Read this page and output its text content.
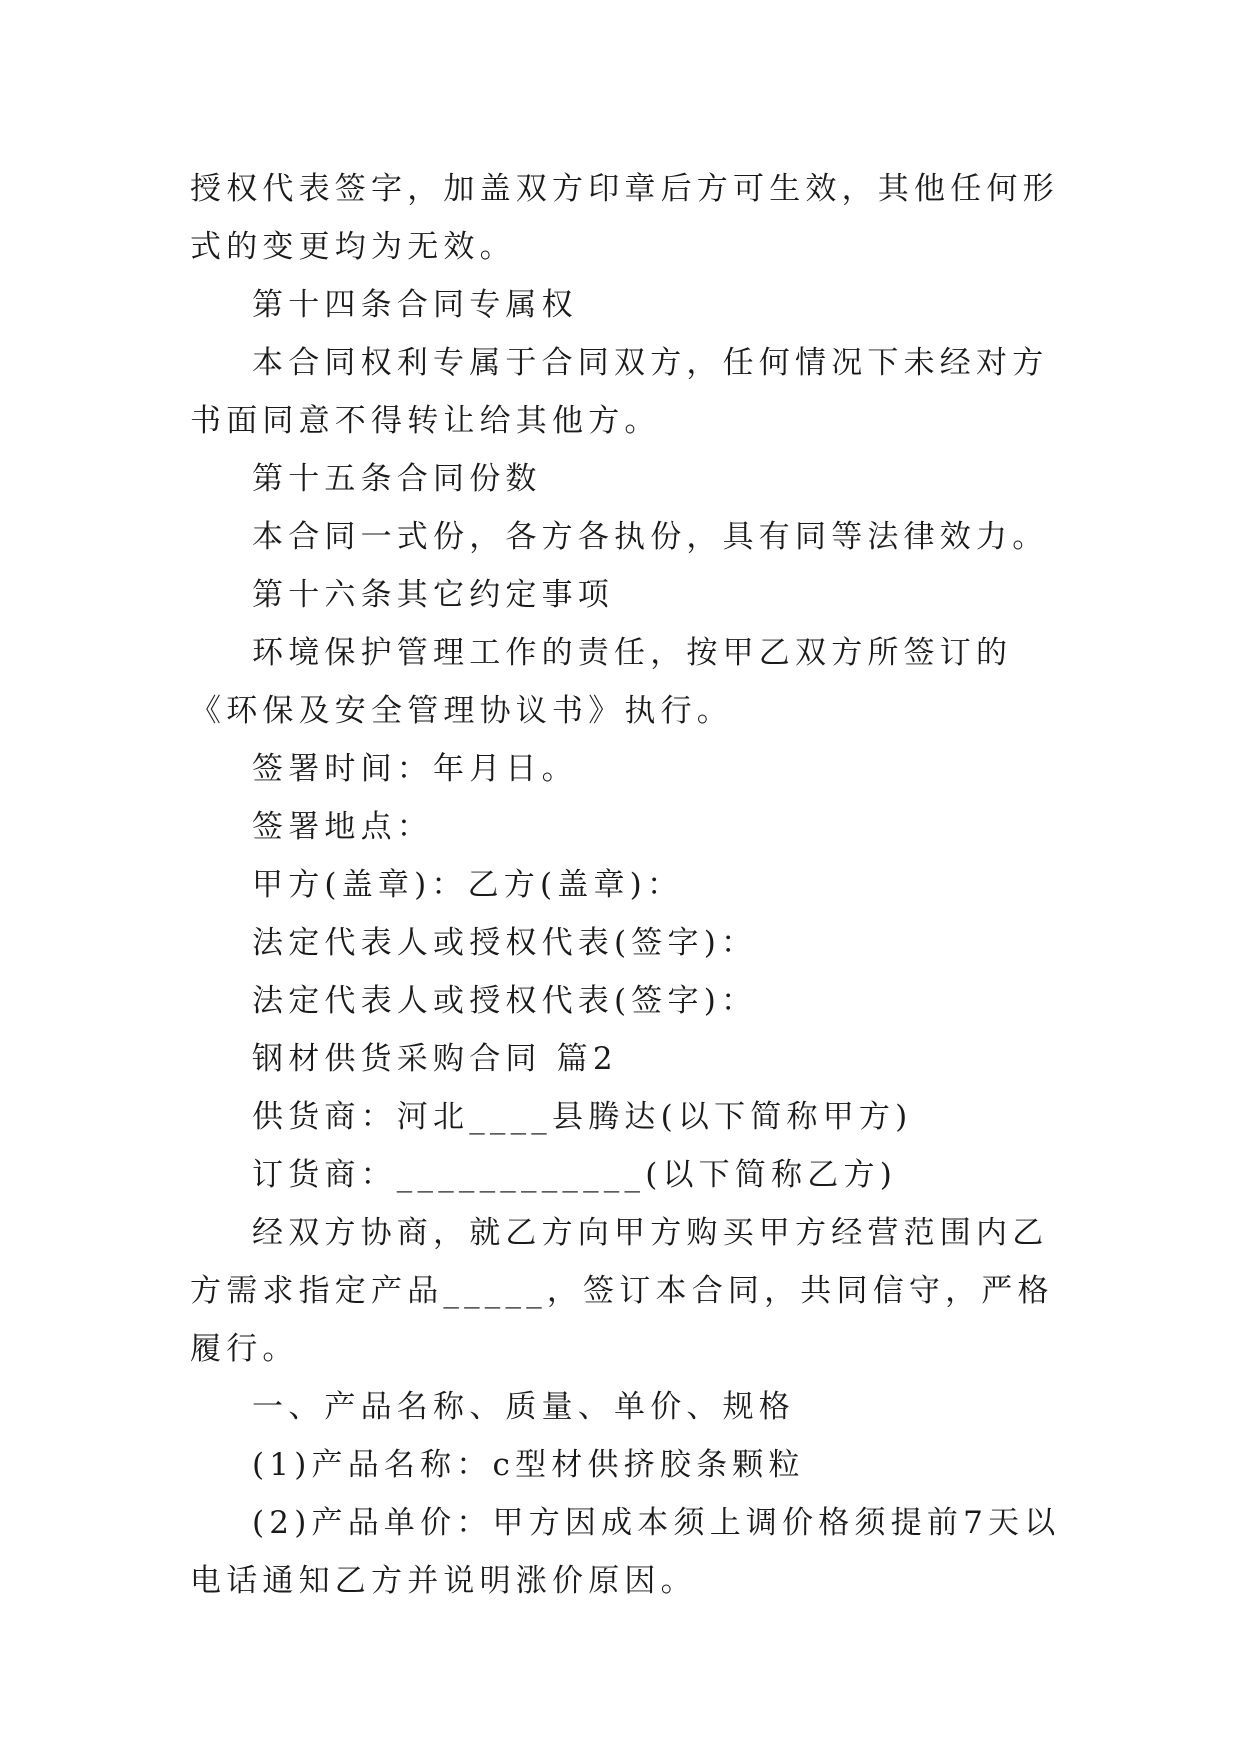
授权代表签字，加盖双方印章后方可生效，其他任何形式的变更均为无效。

第十四条合同专属权

本合同权利专属于合同双方，任何情况下未经对方书面同意不得转让给其他方。

第十五条合同份数

本合同一式份，各方各执份，具有同等法律效力。

第十六条其它约定事项

环境保护管理工作的责任，按甲乙双方所签订的《环保及安全管理协议书》执行。

签署时间：年月日。

签署地点：

甲方(盖章)：乙方(盖章)：

法定代表人或授权代表(签字)：

法定代表人或授权代表(签字)：

钢材供货采购合同 篇2

供货商：河北____县腾达(以下简称甲方)

订货商：____________(以下简称乙方)

经双方协商，就乙方向甲方购买甲方经营范围内乙方需求指定产品_____，签订本合同，共同信守，严格履行。

一、产品名称、质量、单价、规格

(1)产品名称：c型材供挤胶条颗粒

(2)产品单价：甲方因成本须上调价格须提前7天以电话通知乙方并说明涨价原因。
